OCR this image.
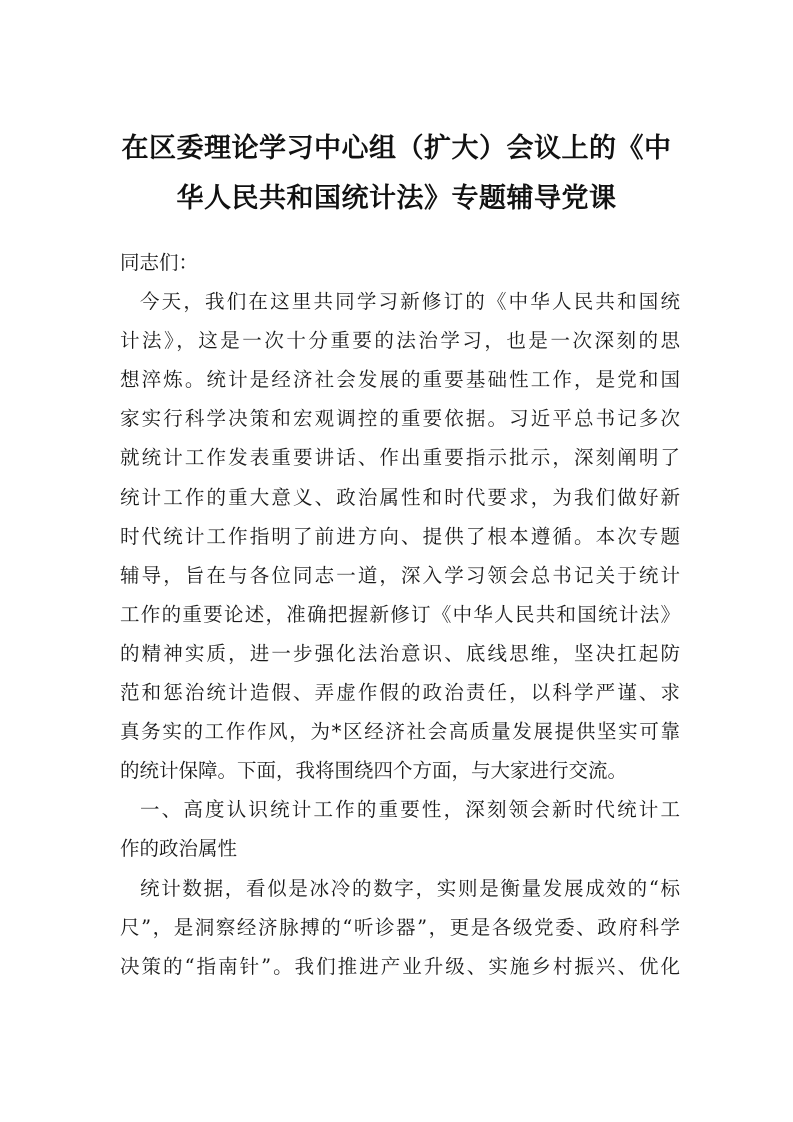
在区委理论学习中心组（扩大）会议上的《中
华人民共和国统计法》专题辅导党课
同志们：
今天，我们在这里共同学习新修订的《中华人民共和国统
计法》，这是一次十分重要的法治学习，也是一次深刻的思
想淬炼。统计是经济社会发展的重要基础性工作，是党和国
家实行科学决策和宏观调控的重要依据。习近平总书记多次
就统计工作发表重要讲话、作出重要指示批示，深刻阐明了
统计工作的重大意义、政治属性和时代要求，为我们做好新
时代统计工作指明了前进方向、提供了根本遵循。本次专题
辅导，旨在与各位同志一道，深入学习领会总书记关于统计
工作的重要论述，准确把握新修订《中华人民共和国统计法》
的精神实质，进一步强化法治意识、底线思维，坚决扛起防
范和惩治统计造假、弄虚作假的政治责任，以科学严谨、求
真务实的工作作风，为*区经济社会高质量发展提供坚实可靠
的统计保障。下面，我将围绕四个方面，与大家进行交流。
一、高度认识统计工作的重要性，深刻领会新时代统计工
作的政治属性
统计数据，看似是冰冷的数字，实则是衡量发展成效的“标
尺”，是洞察经济脉搏的“听诊器”，更是各级党委、政府科学
决策的“指南针”。我们推进产业升级、实施乡村振兴、优化
